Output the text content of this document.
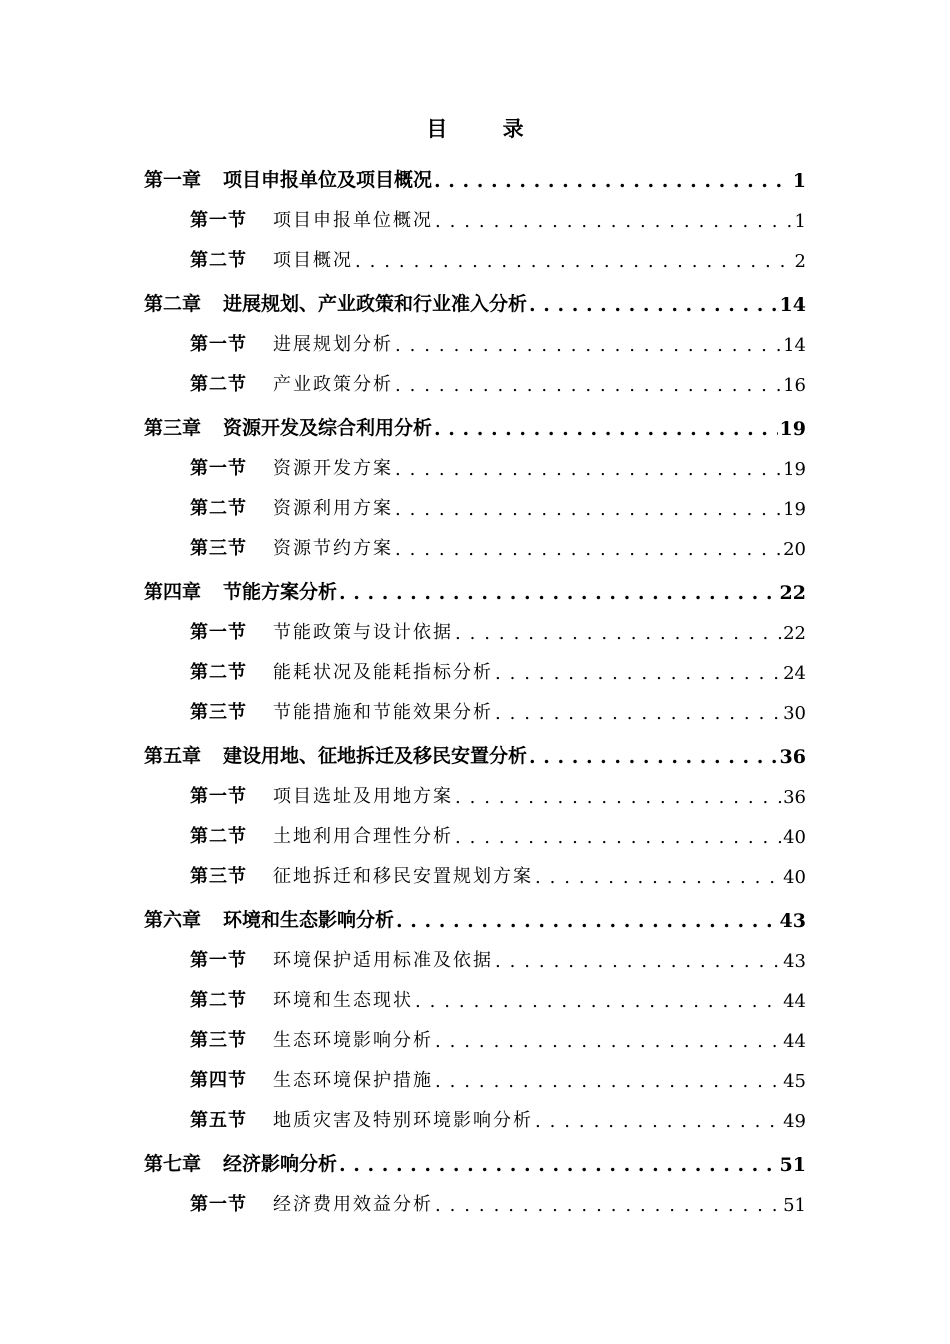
目 录
第一章 项目申报单位及项目概况 . . .	1
第一节 项目申报单位概况 . . .	1
第二节 项目概况 . . .	2
第二章 进展规划、产业政策和行业准入分析 . . .	14
第一节 进展规划分析 . . .	14
第二节 产业政策分析 . . .	16
第三章 资源开发及综合利用分析 . . .	19
第一节 资源开发方案 . . .	19
第二节 资源利用方案 . . .	19
第三节 资源节约方案 . . .	20
第四章 节能方案分析 . . .	22
第一节 节能政策与设计依据 . . .	22
第二节 能耗状况及能耗指标分析 . . .	24
第三节 节能措施和节能效果分析 . . .	30
第五章 建设用地、征地拆迁及移民安置分析 . . .	36
第一节 项目选址及用地方案 . . .	36
第二节 土地利用合理性分析 . . .	40
第三节 征地拆迁和移民安置规划方案 . . .	40
第六章 环境和生态影响分析 . . .	43
第一节 环境保护适用标准及依据 . . .	43
第二节 环境和生态现状 . . .	44
第三节 生态环境影响分析 . . .	44
第四节 生态环境保护措施 . . .	45
第五节 地质灾害及特别环境影响分析 . . .	49
第七章 经济影响分析 . . .	51
第一节 经济费用效益分析 . . .	51
